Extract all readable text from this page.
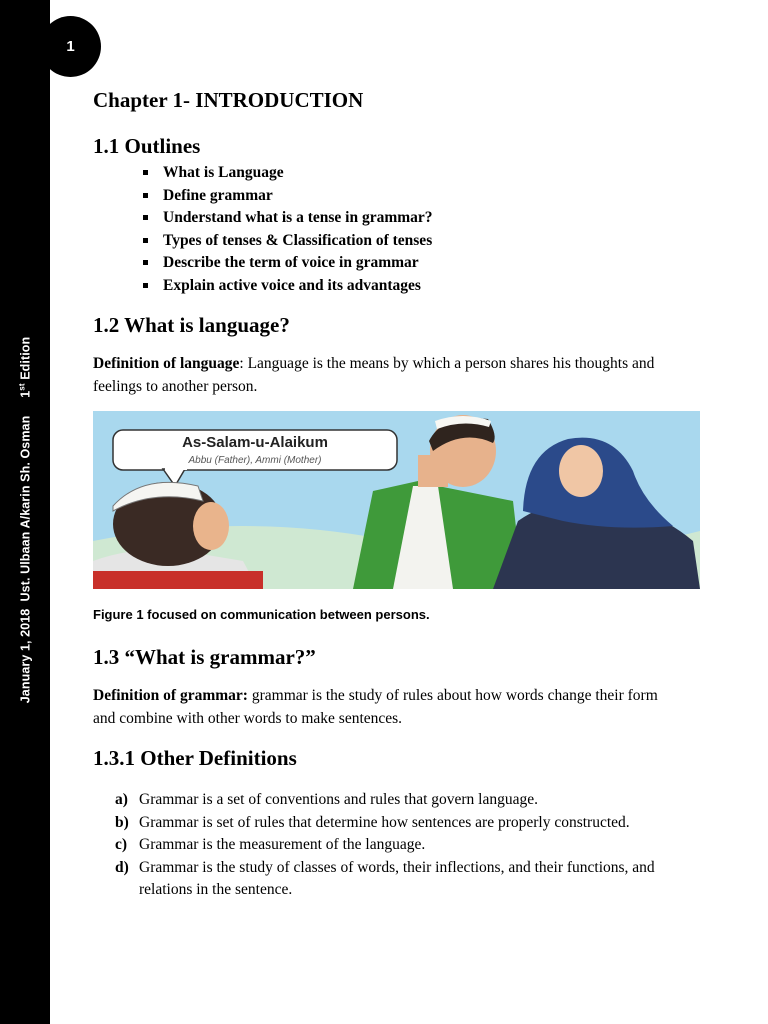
January 1, 2018  Ust. Ulbaan A/karin Sh. Osman     1st Edition
1
Chapter 1- INTRODUCTION
1.1 Outlines
What is Language
Define grammar
Understand what is a tense in grammar?
Types of tenses & Classification of tenses
Describe the term of voice in grammar
Explain active voice and its advantages
1.2 What is language?

Definition of language: Language is the means by which a person shares his thoughts and feelings to another person.

As-Salam-u-Alaikum
Abbu (Father), Ammi (Mother)
Figure 1 focused on communication between persons.
1.3 “What is grammar?”

Definition of grammar: grammar is the study of rules about how words change their form and combine with other words to make sentences.

1.3.1 Other Definitions
a) Grammar is a set of conventions and rules that govern language.
b) Grammar is set of rules that determine how sentences are properly constructed.
c) Grammar is the measurement of the language.
d) Grammar is the study of classes of words, their inflections, and their functions, and relations in the sentence.
